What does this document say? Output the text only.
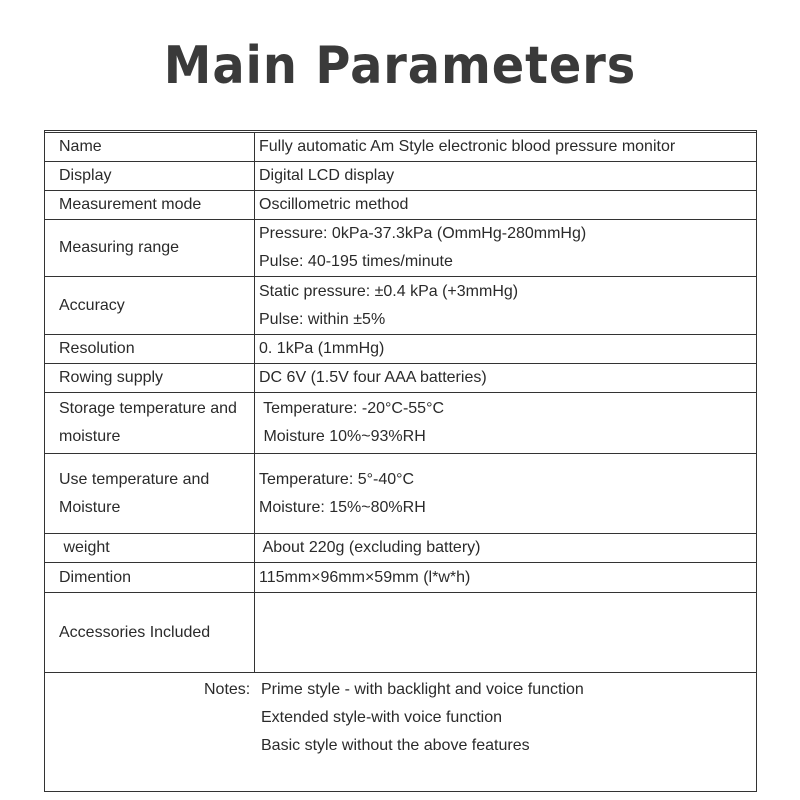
Main Parameters
Name	Fully automatic Am Style electronic blood pressure monitor

Display	Digital LCD display

Measurement mode	Oscillometric method

Measuring range	Pressure: 0kPa-37.3kPa (OmmHg-280mmHg)
Pulse: 40-195 times/minute

Accuracy	Static pressure: ±0.4 kPa (+3mmHg)
Pulse: within ±5%

Resolution	0. 1kPa (1mmHg)

Rowing supply	DC 6V (1.5V four AAA batteries)

Storage temperature and
moisture	Temperature: -20°C-55°C
Moisture 10%~93%RH

Use temperature and
Moisture	Temperature: 5°-40°C
Moisture: 15%~80%RH

weight	About 220g (excluding battery)

Dimention	115mm×96mm×59mm (l*w*h)

Accessories Included	

Notes: Prime style - with backlight and voice function
Extended style-with voice function
Basic style without the above features
